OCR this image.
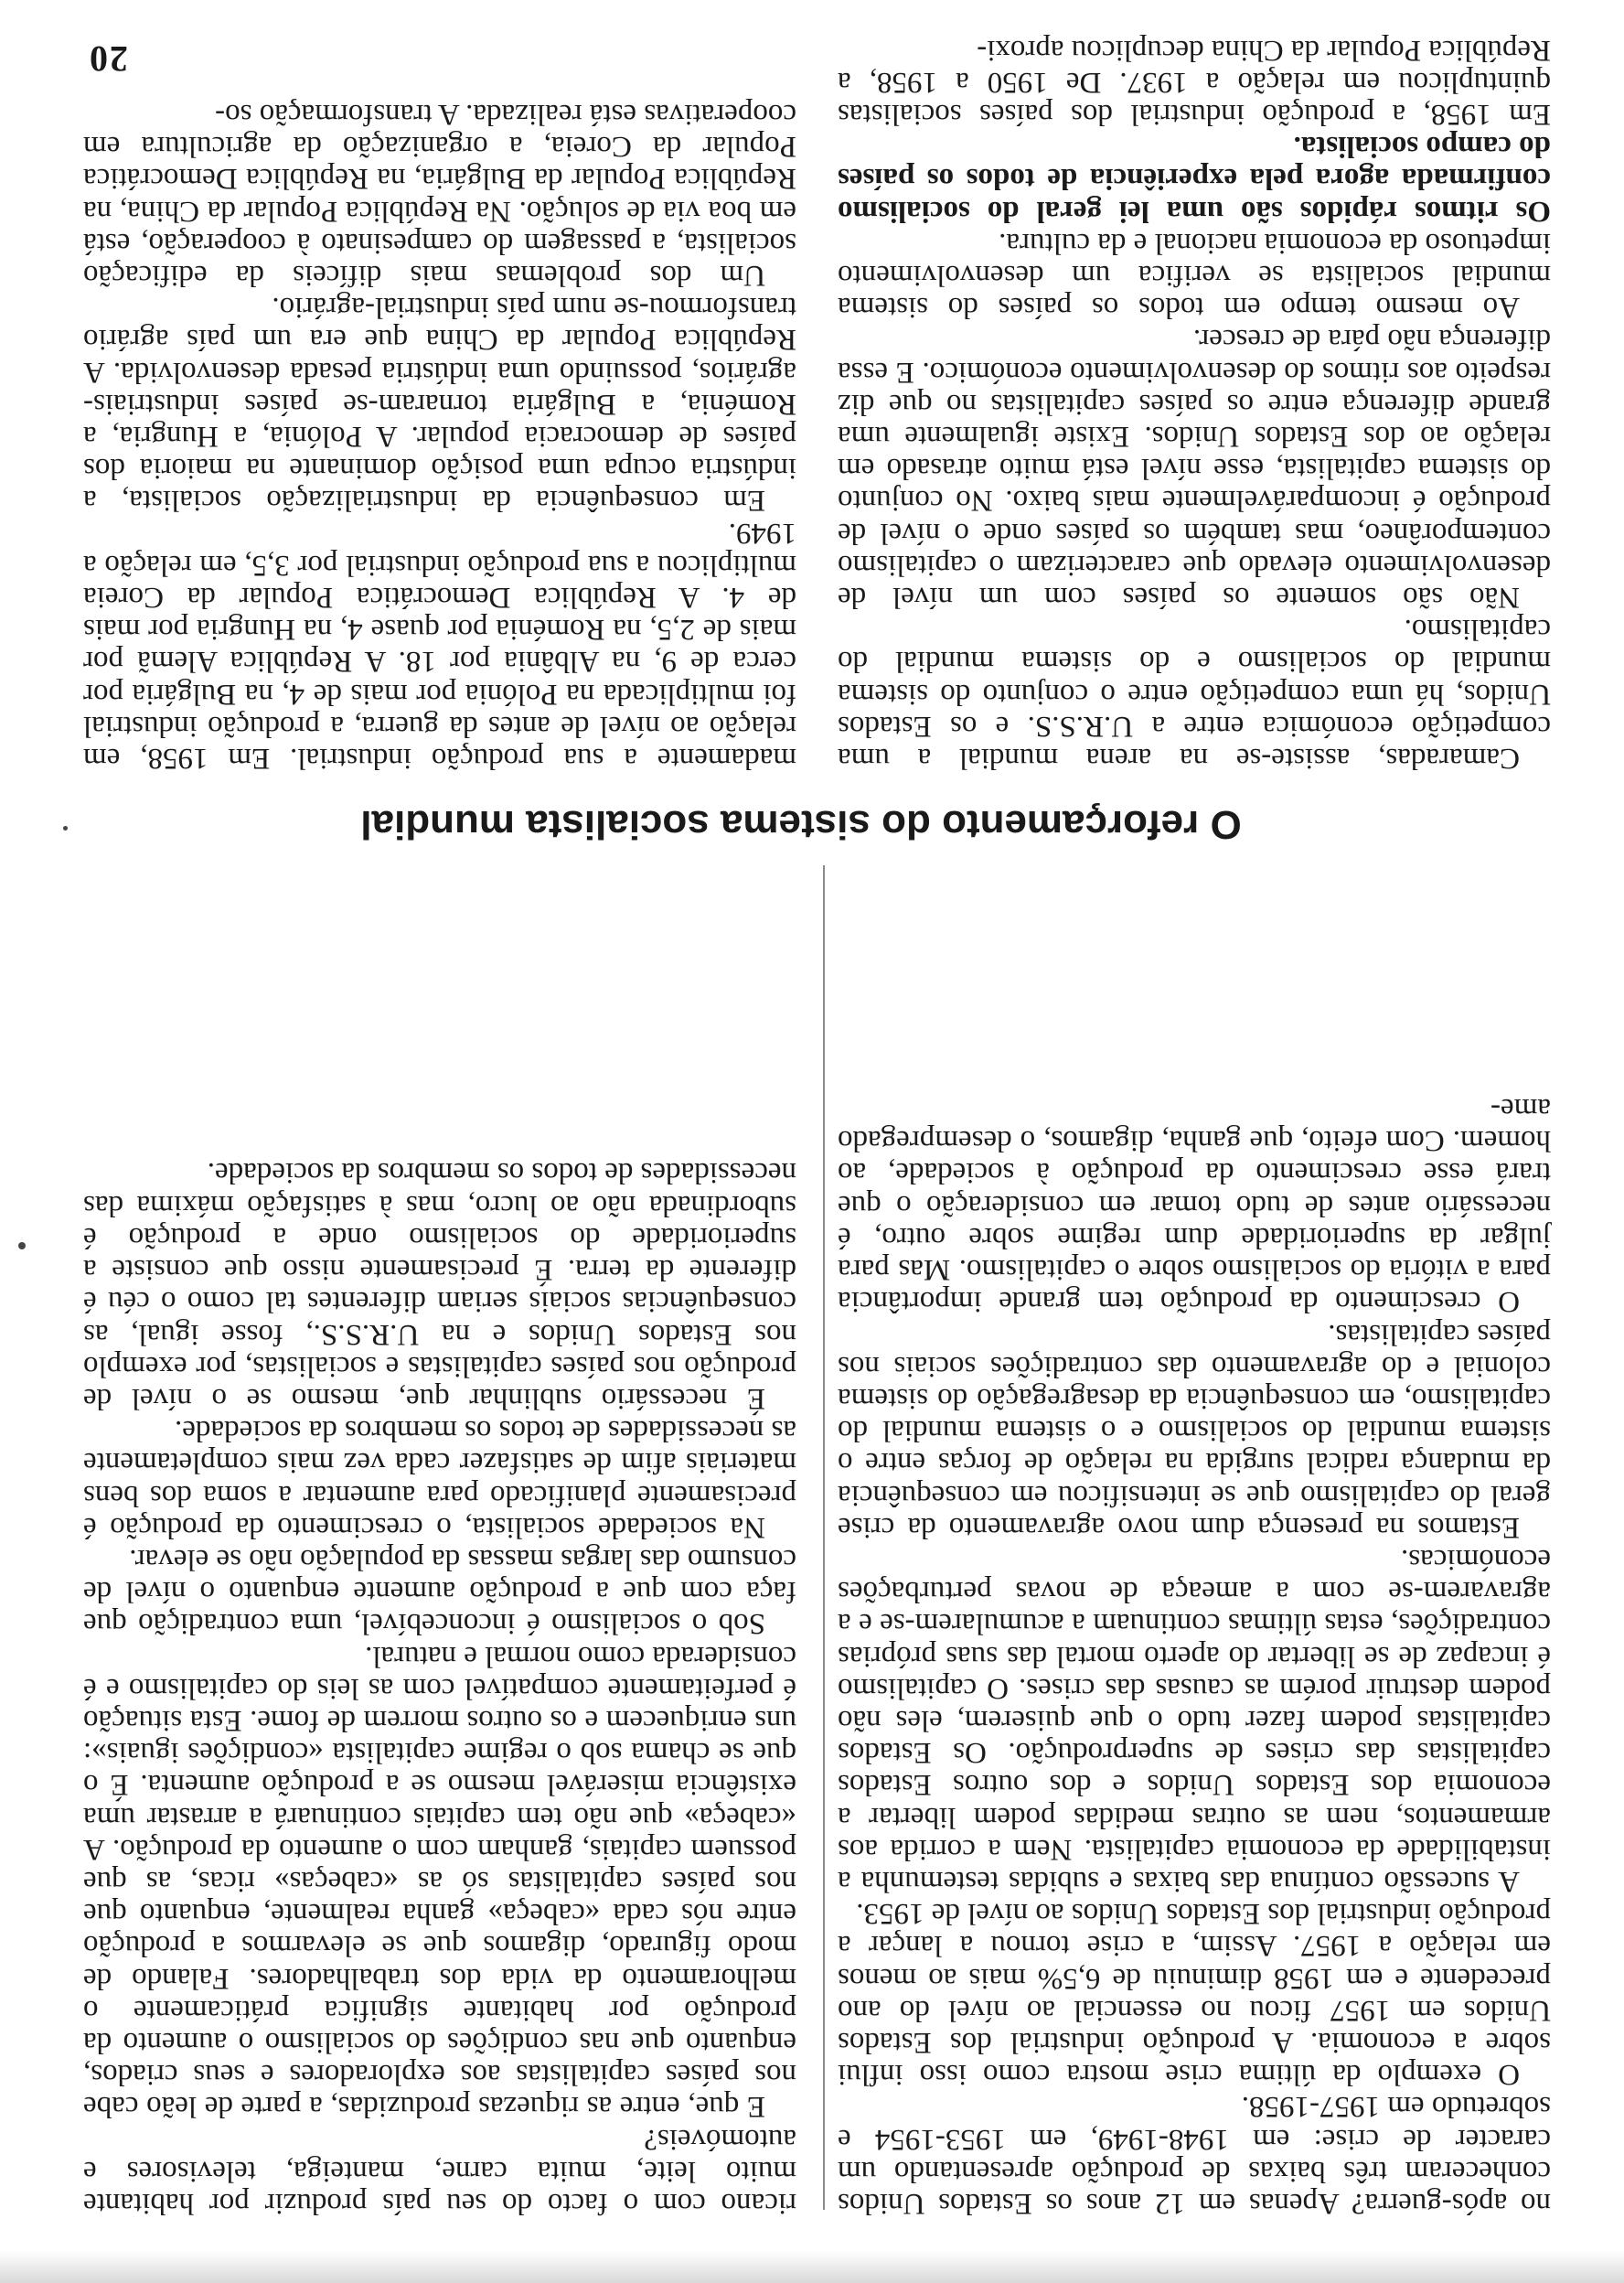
no após-guerra? Apenas em 12 anos os Estados Unidos conheceram três baixas de produção apresentando um caracter de crise: em 1948-1949, em 1953-1954 e sobretudo em 1957-1958.

O exemplo da última crise mostra como isso influi sobre a economia. A produção industrial dos Estados Unidos em 1957 ficou no essencial ao nível do ano precedente e em 1958 diminuiu de 6,5% mais ao menos em relação a 1957. Assim, a crise tornou a lançar a produção industrial dos Estados Unidos ao nível de 1953.

A sucessão contínua das baixas e subidas testemunha a instabilidade da economia capitalista. Nem a corrida aos armamentos, nem as outras medidas podem libertar a economia dos Estados Unidos e dos outros Estados capitalistas das crises de superprodução. Os Estados capitalistas podem fazer tudo o que quiserem, eles não podem destruir porém as causas das crises. O capitalismo é incapaz de se libertar do aperto mortal das suas próprias contradições, estas últimas continuam a acumularem-se e a agravarem-se com a ameaça de novas perturbações económicas.

Estamos na presença dum novo agravamento da crise geral do capitalismo que se intensificou em consequência da mudança radical surgida na relação de forças entre o sistema mundial do socialismo e o sistema mundial do capitalismo, em consequência da desagregação do sistema colonial e do agravamento das contradições sociais nos países capitalistas.

O crescimento da produção tem grande importância para a vitória do socialismo sobre o capitalismo. Mas para julgar da superioridade dum regime sobre outro, é necessário antes de tudo tomar em consideração o que trará esse crescimento da produção à sociedade, ao homem. Com efeito, que ganha, digamos, o desempregado ame-

ricano com o facto do seu país produzir por habitante muito leite, muita carne, manteiga, televisores e automóveis?

E que, entre as riquezas produzidas, a parte de leão cabe nos países capitalistas aos exploradores e seus criados, enquanto que nas condições do socialismo o aumento da produção por habitante significa práticamente o melhoramento da vida dos trabalhadores. Falando de modo figurado, digamos que se elevarmos a produção entre nós cada «cabeça» ganha realmente, enquanto que nos países capitalistas só as «cabeças» ricas, as que possuem capitais, ganham com o aumento da produção. A «cabeça» que não tem capitais continuará a arrastar uma existência miserável mesmo se a produção aumenta. É o que se chama sob o regime capitalista «condições iguais»: uns enriquecem e os outros morrem de fome. Esta situação é perfeitamente compatível com as leis do capitalismo e é considerada como normal e natural.

Sob o socialismo é inconcebível, uma contradição que faça com que a produção aumente enquanto o nível de consumo das largas massas da população não se elevar.

Na sociedade socialista, o crescimento da produção é precisamente planificado para aumentar a soma dos bens materiais afim de satisfazer cada vez mais completamente as necessidades de todos os membros da sociedade.

É necessário sublinhar que, mesmo se o nível de produção nos países capitalistas e socialistas, por exemplo nos Estados Unidos e na U.R.S.S., fosse igual, as consequências sociais seriam diferentes tal como o céu é diferente da terra. É precisamente nisso que consiste a superioridade do socialismo onde a produção é subordinada não ao lucro, mas à satisfação máxima das necessidades de todos os membros da sociedade.

O reforçamento do sistema socialista mundial

Camaradas, assiste-se na arena mundial a uma competição económica entre a U.R.S.S. e os Estados Unidos, há uma competição entre o conjunto do sistema mundial do socialismo e do sistema mundial do capitalismo.

Não são somente os países com um nível de desenvolvimento elevado que caracterizam o capitalismo contemporâneo, mas também os países onde o nível de produção é incomparávelmente mais baixo. No conjunto do sistema capitalista, esse nível está muito atrasado em relação ao dos Estados Unidos. Existe igualmente uma grande diferença entre os países capitalistas no que diz respeito aos ritmos do desenvolvimento económico. E essa diferença não pára de crescer.

Ao mesmo tempo em todos os países do sistema mundial socialista se verifica um desenvolvimento impetuoso da economia nacional e da cultura.

Os ritmos rápidos são uma lei geral do socialismo confirmada agora pela experiência de todos os países do campo socialista.

Em 1958, a produção industrial dos países socialistas quintuplicou em relação a 1937. De 1950 a 1958, a República Popular da China decuplicou aproxi-

madamente a sua produção industrial. Em 1958, em relação ao nível de antes da guerra, a produção industrial foi multiplicada na Polónia por mais de 4, na Bulgária por cerca de 9, na Albânia por 18. A República Alemã por mais de 2,5, na Roménia por quase 4, na Hungria por mais de 4. A República Democrática Popular da Coreia multiplicou a sua produção industrial por 3,5, em relação a 1949.

Em consequência da industrialização socialista, a indústria ocupa uma posição dominante na maioria dos países de democracia popular. A Polónia, a Hungria, a Roménia, a Bulgária tornaram-se países industriais-agrários, possuindo uma indústria pesada desenvolvida. A República Popular da China que era um país agrário transformou-se num país industrial-agrário.

Um dos problemas mais difíceis da edificação socialista, a passagem do campesinato à cooperação, está em boa via de solução. Na República Popular da China, na República Popular da Bulgária, na República Democrática Popular da Coreia, a organização da agricultura em cooperativas está realizada. A transformação so-

20
